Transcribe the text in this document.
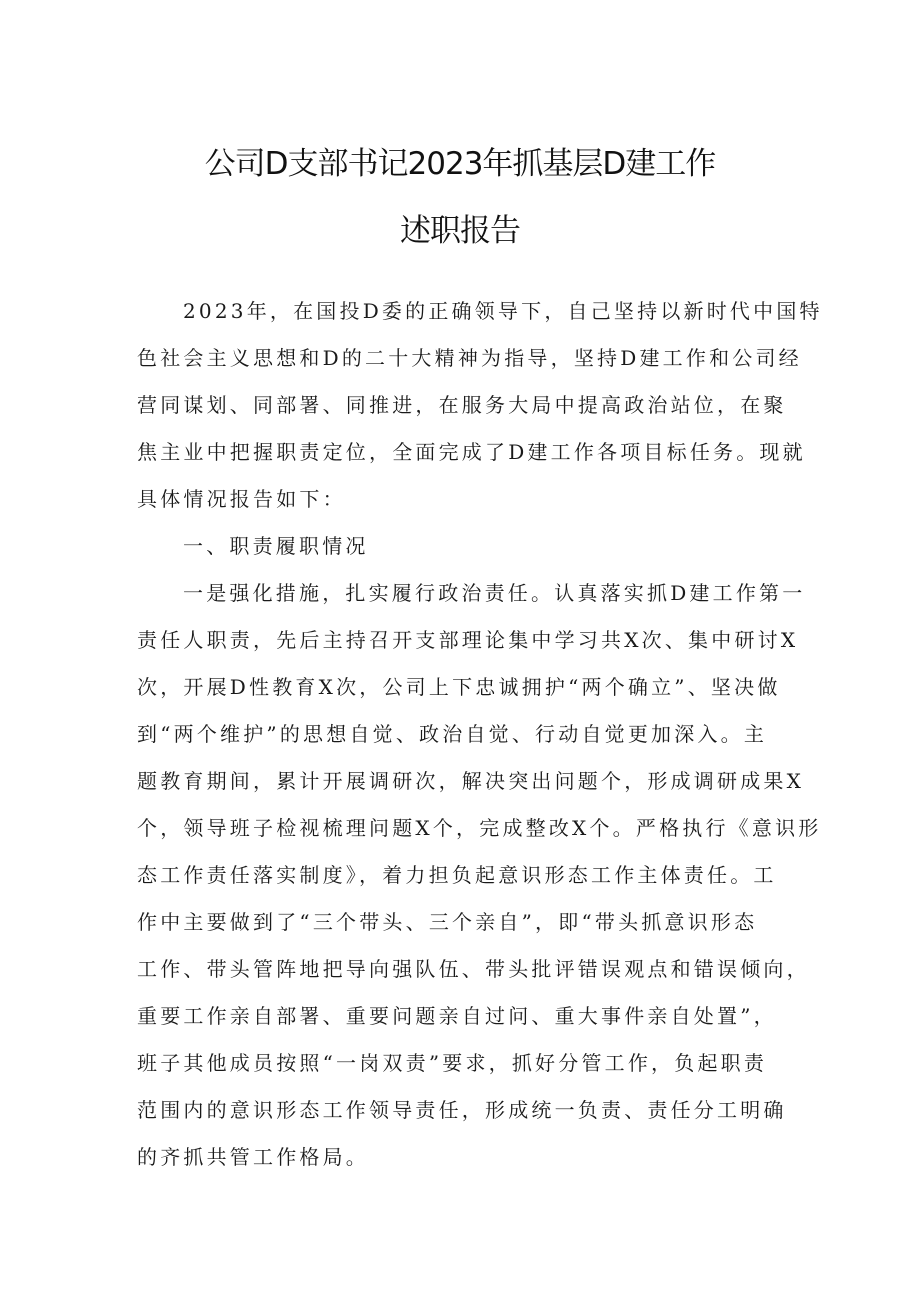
公司D支部书记2023年抓基层D建工作
述职报告
2023年，在国投D委的正确领导下，自己坚持以新时代中国特
色社会主义思想和D的二十大精神为指导，坚持D建工作和公司经
营同谋划、同部署、同推进，在服务大局中提高政治站位，在聚
焦主业中把握职责定位，全面完成了D建工作各项目标任务。现就
具体情况报告如下：
一、职责履职情况
一是强化措施，扎实履行政治责任。认真落实抓D建工作第一
责任人职责，先后主持召开支部理论集中学习共X次、集中研讨X
次，开展D性教育X次，公司上下忠诚拥护“两个确立”、坚决做
到“两个维护”的思想自觉、政治自觉、行动自觉更加深入。主
题教育期间，累计开展调研次，解决突出问题个，形成调研成果X
个，领导班子检视梳理问题X个，完成整改X个。严格执行《意识形
态工作责任落实制度》，着力担负起意识形态工作主体责任。工
作中主要做到了“三个带头、三个亲自”，即“带头抓意识形态
工作、带头管阵地把导向强队伍、带头批评错误观点和错误倾向，
重要工作亲自部署、重要问题亲自过问、重大事件亲自处置”，
班子其他成员按照“一岗双责”要求，抓好分管工作，负起职责
范围内的意识形态工作领导责任，形成统一负责、责任分工明确
的齐抓共管工作格局。
